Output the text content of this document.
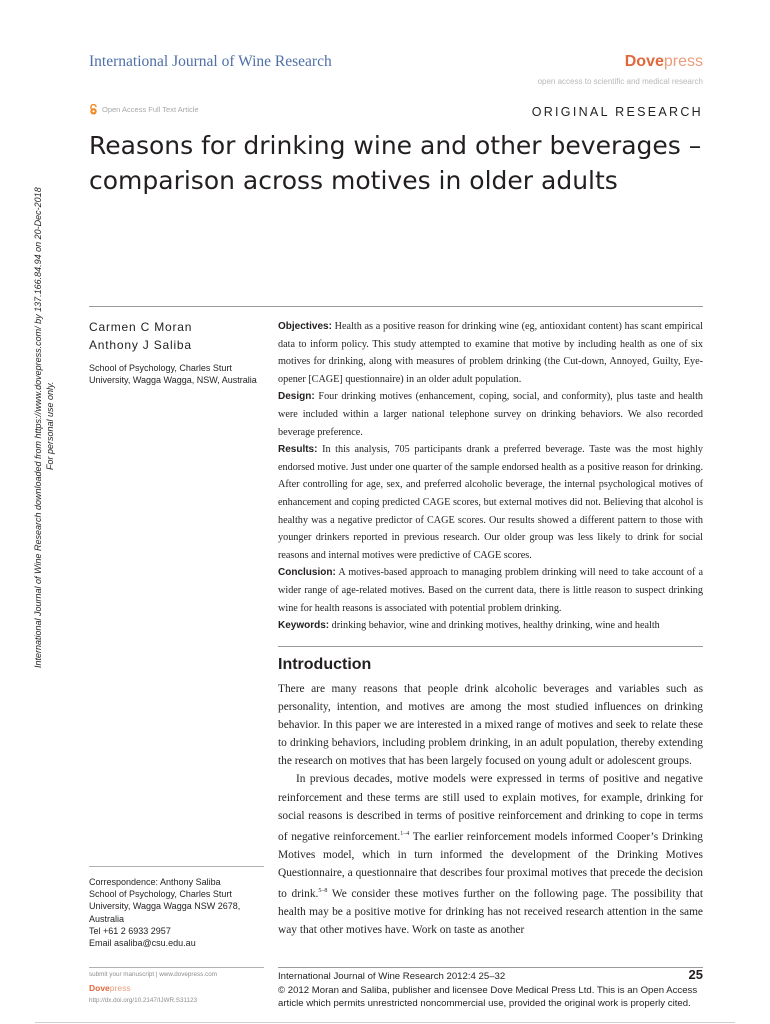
International Journal of Wine Research	Dovepress
open access to scientific and medical research
Open Access Full Text Article	ORIGINAL RESEARCH
Reasons for drinking wine and other beverages –
comparison across motives in older adults
International Journal of Wine Research downloaded from https://www.dovepress.com/ by 137.166.84.94 on 20-Dec-2018 For personal use only.
Carmen C Moran
Anthony J Saliba
School of Psychology, Charles Sturt University, Wagga Wagga, NSW, Australia

Objectives: Health as a positive reason for drinking wine (eg, antioxidant content) has scant empirical data to inform policy. This study attempted to examine that motive by including health as one of six motives for drinking, along with measures of problem drinking (the Cut-down, Annoyed, Guilty, Eye-opener [CAGE] questionnaire) in an older adult population.

Design: Four drinking motives (enhancement, coping, social, and conformity), plus taste and health were included within a larger national telephone survey on drinking behaviors. We also recorded beverage preference.

Results: In this analysis, 705 participants drank a preferred beverage. Taste was the most highly endorsed motive. Just under one quarter of the sample endorsed health as a positive reason for drinking. After controlling for age, sex, and preferred alcoholic beverage, the internal psychological motives of enhancement and coping predicted CAGE scores, but external motives did not. Believing that alcohol is healthy was a negative predictor of CAGE scores. Our results showed a different pattern to those with younger drinkers reported in previous research. Our older group was less likely to drink for social reasons and internal motives were predictive of CAGE scores.

Conclusion: A motives-based approach to managing problem drinking will need to take account of a wider range of age-related motives. Based on the current data, there is little reason to suspect drinking wine for health reasons is associated with potential problem drinking.

Keywords: drinking behavior, wine and drinking motives, healthy drinking, wine and health

Introduction

There are many reasons that people drink alcoholic beverages and variables such as personality, intention, and motives are among the most studied influences on drinking behavior. In this paper we are interested in a mixed range of motives and seek to relate these to drinking behaviors, including problem drinking, in an adult population, thereby extending the research on motives that has been largely focused on young adult or adolescent groups.

In previous decades, motive models were expressed in terms of positive and negative reinforcement and these terms are still used to explain motives, for example, drinking for social reasons is described in terms of positive reinforcement and drinking to cope in terms of negative reinforcement.$^{1-4}$ The earlier reinforcement models informed Cooper’s Drinking Motives model, which in turn informed the development of the Drinking Motives Questionnaire, a questionnaire that describes four proximal motives that precede the decision to drink.$^{5-8}$ We consider these motives further on the following page. The possibility that health may be a positive motive for drinking has not received research attention in the same way that other motives have. Work on taste as another

Correspondence: Anthony Saliba
School of Psychology, Charles Sturt
University, Wagga Wagga NSW 2678,
Australia
Tel +61 2 6933 2957
Email asaliba@csu.edu.au
submit your manuscript | www.dovepress.com
Dovepress
http://dx.doi.org/10.2147/IJWR.S31123
International Journal of Wine Research 2012:4 25–32	25
© 2012 Moran and Saliba, publisher and licensee Dove Medical Press Ltd. This is an Open Access article which permits unrestricted noncommercial use, provided the original work is properly cited.
